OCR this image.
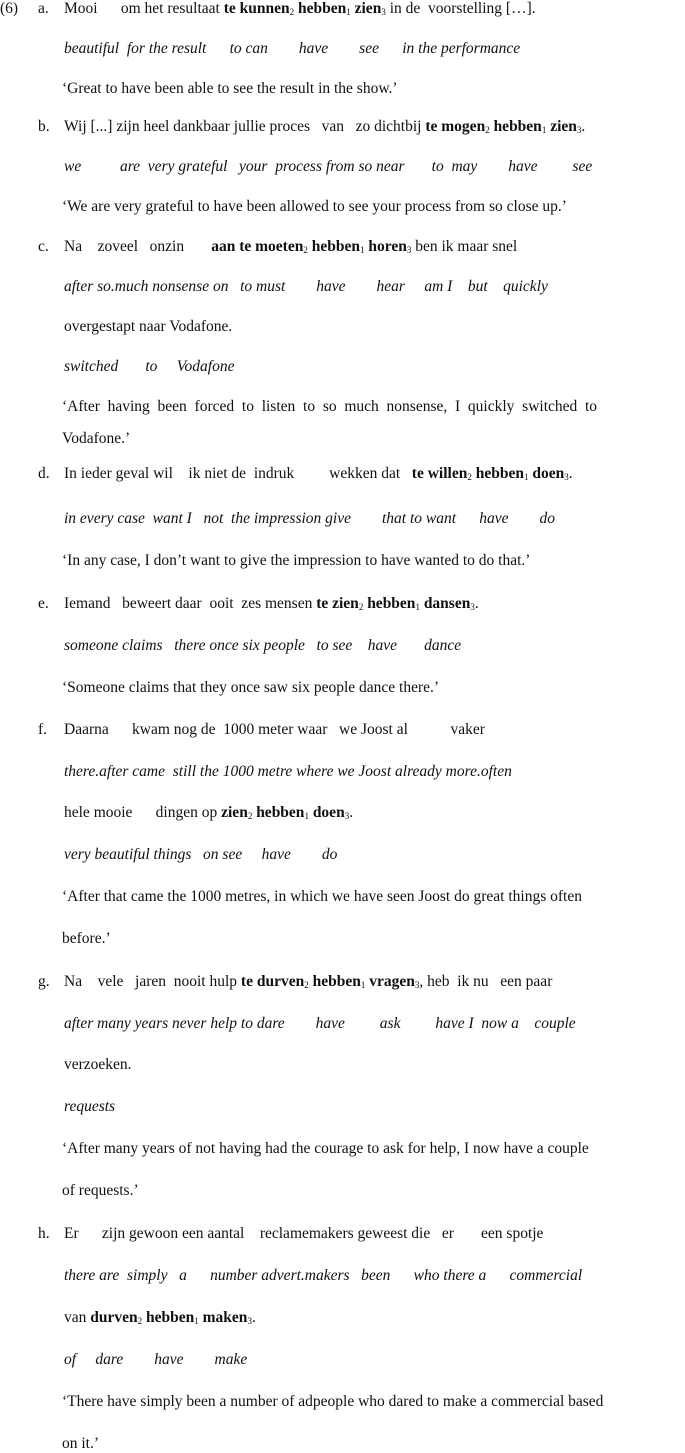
(6) a. Mooi      om het resultaat te kunnen$_2$ hebben$_1$ zien$_3$ in de  voorstelling […].
beautiful  for the result      to can        have        see      in the performance
‘Great to have been able to see the result in the show.’
b. Wij [...] zijn heel dankbaar jullie proces   van   zo dichtbij te mogen$_2$ hebben$_1$ zien$_3$.
we          are  very grateful   your  process from so near       to  may        have         see
‘We are very grateful to have been allowed to see your process from so close up.’
c. Na    zoveel   onzin       aan te moeten$_2$ hebben$_1$ horen$_3$ ben ik maar snel
after so.much nonsense on   to must        have        hear     am I    but    quickly
overgestapt naar Vodafone.
switched       to     Vodafone
‘After  having  been  forced  to  listen  to  so  much  nonsense,  I  quickly  switched  to
Vodafone.’
d. In ieder geval wil    ik niet de  indruk         wekken dat   te willen$_2$ hebben$_1$ doen$_3$.
in every case  want I   not  the impression give        that to want      have        do
‘In any case, I don’t want to give the impression to have wanted to do that.’
e. Iemand   beweert daar  ooit  zes mensen te zien$_2$ hebben$_1$ dansen$_3$.
someone claims   there once six people   to see    have       dance
‘Someone claims that they once saw six people dance there.’
f. Daarna      kwam nog de  1000 meter waar   we Joost al           vaker
there.after came  still the 1000 metre where we Joost already more.often
hele mooie      dingen op zien$_2$ hebben$_1$ doen$_3$.
very beautiful things   on see     have        do
‘After that came the 1000 metres, in which we have seen Joost do great things often
before.’
g. Na    vele   jaren  nooit hulp te durven$_2$ hebben$_1$ vragen$_3$, heb  ik nu   een paar
after many years never help to dare        have         ask         have I  now a    couple
verzoeken.
requests
‘After many years of not having had the courage to ask for help, I now have a couple
of requests.’
h. Er      zijn gewoon een aantal    reclamemakers geweest die   er       een spotje
there are  simply   a      number advert.makers   been      who there a      commercial
van durven$_2$ hebben$_1$ maken$_3$.
of     dare        have        make
‘There have simply been a number of adpeople who dared to make a commercial based
on it.’
